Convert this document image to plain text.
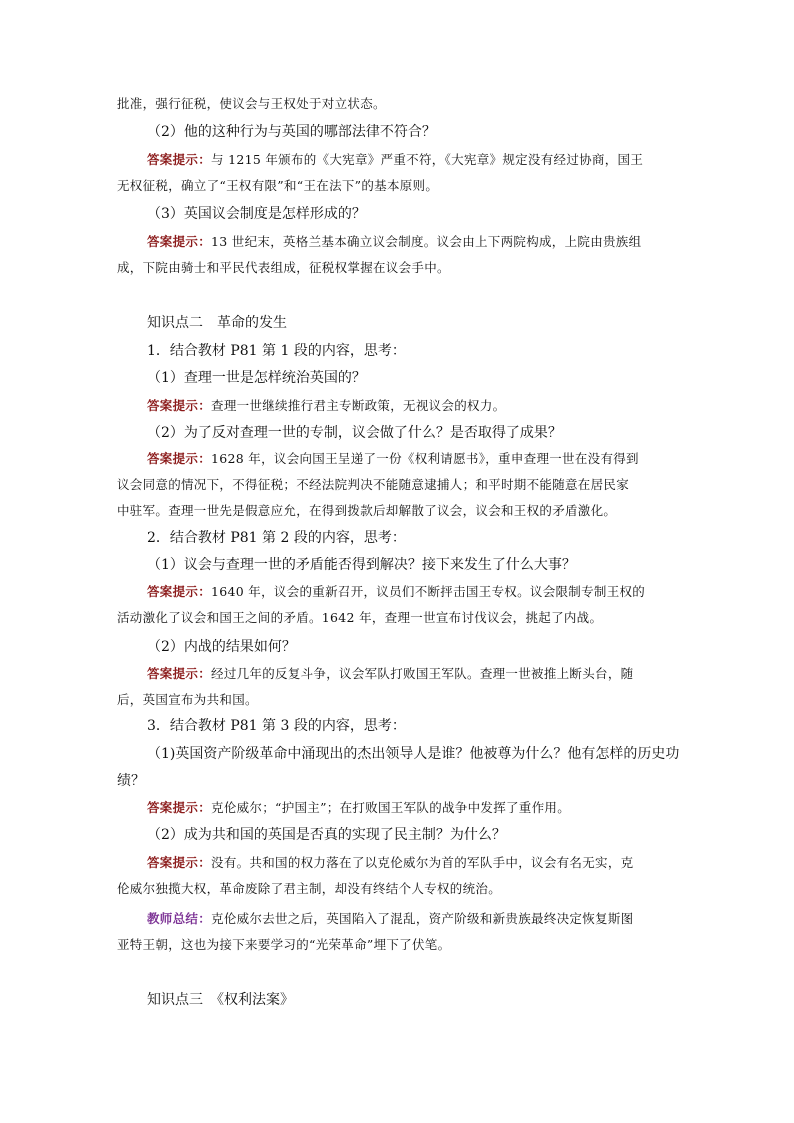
批准，强行征税，使议会与王权处于对立状态。
（2）他的这种行为与英国的哪部法律不符合？
答案提示：与 1215 年颁布的《大宪章》严重不符，《大宪章》规定没有经过协商，国王
无权征税，确立了“王权有限”和“王在法下”的基本原则。
（3）英国议会制度是怎样形成的？
答案提示：13 世纪末，英格兰基本确立议会制度。议会由上下两院构成，上院由贵族组
成，下院由骑士和平民代表组成，征税权掌握在议会手中。
知识点二　革命的发生
1．结合教材 P81 第 1 段的内容，思考：
（1）查理一世是怎样统治英国的？
答案提示：查理一世继续推行君主专断政策，无视议会的权力。
（2）为了反对查理一世的专制，议会做了什么？是否取得了成果？
答案提示：1628 年，议会向国王呈递了一份《权利请愿书》，重申查理一世在没有得到
议会同意的情况下，不得征税；不经法院判决不能随意逮捕人；和平时期不能随意在居民家
中驻军。查理一世先是假意应允，在得到拨款后却解散了议会，议会和王权的矛盾激化。
2．结合教材 P81 第 2 段的内容，思考：
（1）议会与查理一世的矛盾能否得到解决？接下来发生了什么大事？
答案提示：1640 年，议会的重新召开，议员们不断抨击国王专权。议会限制专制王权的
活动激化了议会和国王之间的矛盾。1642 年，查理一世宣布讨伐议会，挑起了内战。
（2）内战的结果如何？
答案提示：经过几年的反复斗争，议会军队打败国王军队。查理一世被推上断头台，随
后，英国宣布为共和国。
3．结合教材 P81 第 3 段的内容，思考：
（1)英国资产阶级革命中涌现出的杰出领导人是谁？他被尊为什么？他有怎样的历史功
绩？
答案提示：克伦威尔；“护国主”；在打败国王军队的战争中发挥了重作用。
（2）成为共和国的英国是否真的实现了民主制？为什么？
答案提示：没有。共和国的权力落在了以克伦威尔为首的军队手中，议会有名无实，克
伦威尔独揽大权，革命废除了君主制，却没有终结个人专权的统治。
教师总结：克伦威尔去世之后，英国陷入了混乱，资产阶级和新贵族最终决定恢复斯图
亚特王朝，这也为接下来要学习的“光荣革命”埋下了伏笔。
知识点三　《权利法案》
